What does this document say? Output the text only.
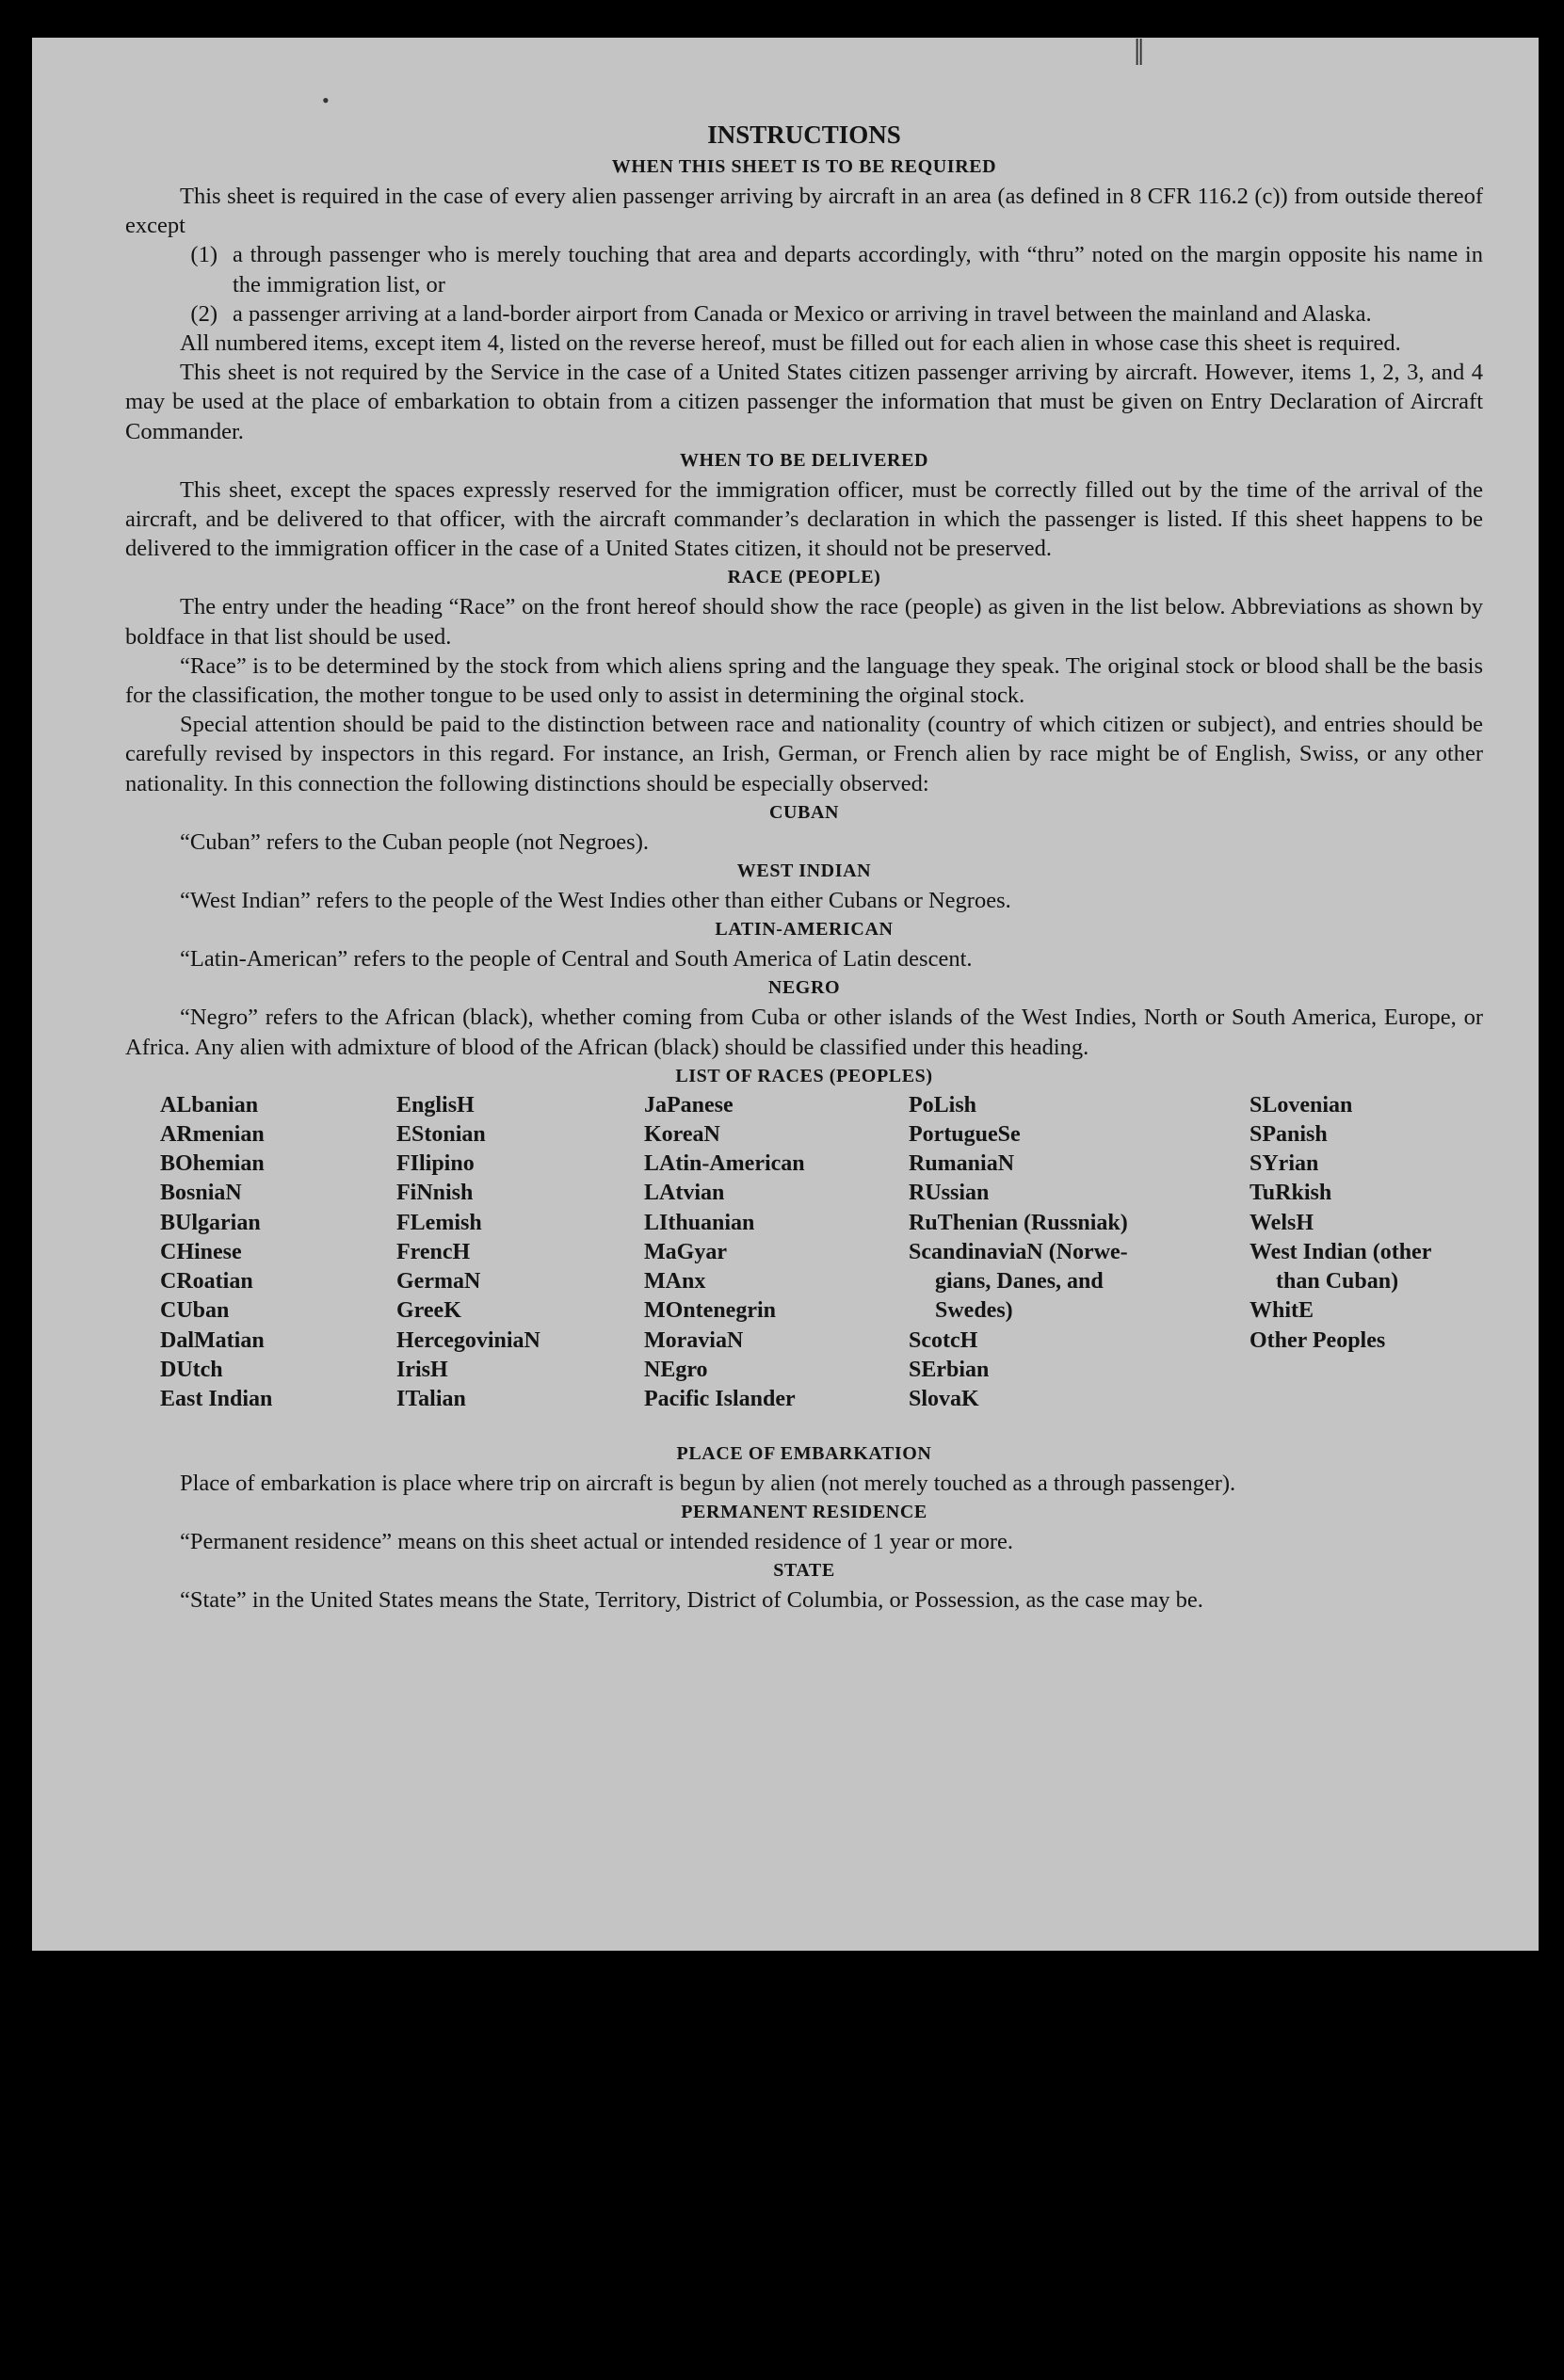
‖
•
INSTRUCTIONS
WHEN THIS SHEET IS TO BE REQUIRED

This sheet is required in the case of every alien passenger arriving by aircraft in an area (as defined in 8 CFR 116.2 (c)) from outside thereof except

(1) a through passenger who is merely touching that area and departs accordingly, with “thru” noted on the margin opposite his name in the immigration list, or
(2) a passenger arriving at a land-border airport from Canada or Mexico or arriving in travel between the mainland and Alaska.

All numbered items, except item 4, listed on the reverse hereof, must be filled out for each alien in whose case this sheet is required.

This sheet is not required by the Service in the case of a United States citizen passenger arriving by aircraft. However, items 1, 2, 3, and 4 may be used at the place of embarkation to obtain from a citizen passenger the information that must be given on Entry Declaration of Aircraft Commander.

WHEN TO BE DELIVERED

This sheet, except the spaces expressly reserved for the immigration officer, must be correctly filled out by the time of the arrival of the aircraft, and be delivered to that officer, with the aircraft commander’s declaration in which the passenger is listed. If this sheet happens to be delivered to the immigration officer in the case of a United States citizen, it should not be preserved.

RACE (PEOPLE)

The entry under the heading “Race” on the front hereof should show the race (people) as given in the list below. Abbreviations as shown by boldface in that list should be used.

“Race” is to be determined by the stock from which aliens spring and the language they speak. The original stock or blood shall be the basis for the classification, the mother tongue to be used only to assist in determining the oṙginal stock.

Special attention should be paid to the distinction between race and nationality (country of which citizen or subject), and entries should be carefully revised by inspectors in this regard. For instance, an Irish, German, or French alien by race might be of English, Swiss, or any other nationality. In this connection the following distinctions should be especially observed:

CUBAN

“Cuban” refers to the Cuban people (not Negroes).

WEST INDIAN

“West Indian” refers to the people of the West Indies other than either Cubans or Negroes.

LATIN-AMERICAN

“Latin-American” refers to the people of Central and South America of Latin descent.

NEGRO

“Negro” refers to the African (black), whether coming from Cuba or other islands of the West Indies, North or South America, Europe, or Africa. Any alien with admixture of blood of the African (black) should be classified under this heading.

LIST OF RACES (PEOPLES)
ALbanian
ARmenian
BOhemian
BosniaN
BUlgarian
CHinese
CRoatian
CUban
DalMatian
DUtch
East Indian
EnglisH
EStonian
FIlipino
FiNnish
FLemish
FrencH
GermaN
GreeK
HercegoviniaN
IrisH
ITalian
JaPanese
KoreaN
LAtin-American
LAtvian
LIthuanian
MaGyar
MAnx
MOntenegrin
MoraviaN
NEgro
Pacific Islander
PoLish
PortugueSe
RumaniaN
RUssian
RuThenian (Russniak)
ScandinaviaN (Norwe-
gians, Danes, and
Swedes)
ScotcH
SErbian
SlovaK
SLovenian
SPanish
SYrian
TuRkish
WelsH
West Indian (other
than Cuban)
WhitE
Other Peoples
PLACE OF EMBARKATION

Place of embarkation is place where trip on aircraft is begun by alien (not merely touched as a through passenger).

PERMANENT RESIDENCE

“Permanent residence” means on this sheet actual or intended residence of 1 year or more.

STATE

“State” in the United States means the State, Territory, District of Columbia, or Possession, as the case may be.
